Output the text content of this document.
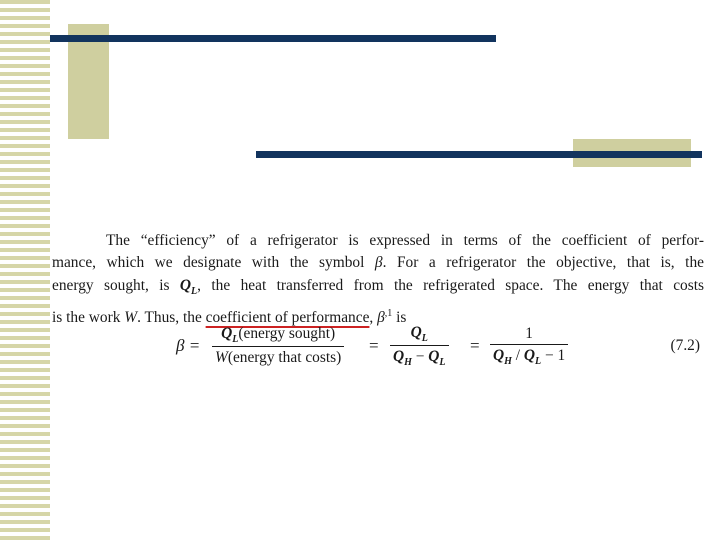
The “efficiency” of a refrigerator is expressed in terms of the coefficient of perfor-
mance, which we designate with the symbol β. For a refrigerator the objective, that is, the
energy sought, is $Q_L$, the heat transferred from the refrigerated space. The energy that costs
is the work W. Thus, the coefficient of performance, $\beta^{,1}$ is

$\beta = \frac{Q_L(energy sought)}{\text{W(energy that costs)}} = \frac{Q_L}{Q_H - Q_L} = \frac{1}{Q_H / Q_L - 1}$	(7.2)
